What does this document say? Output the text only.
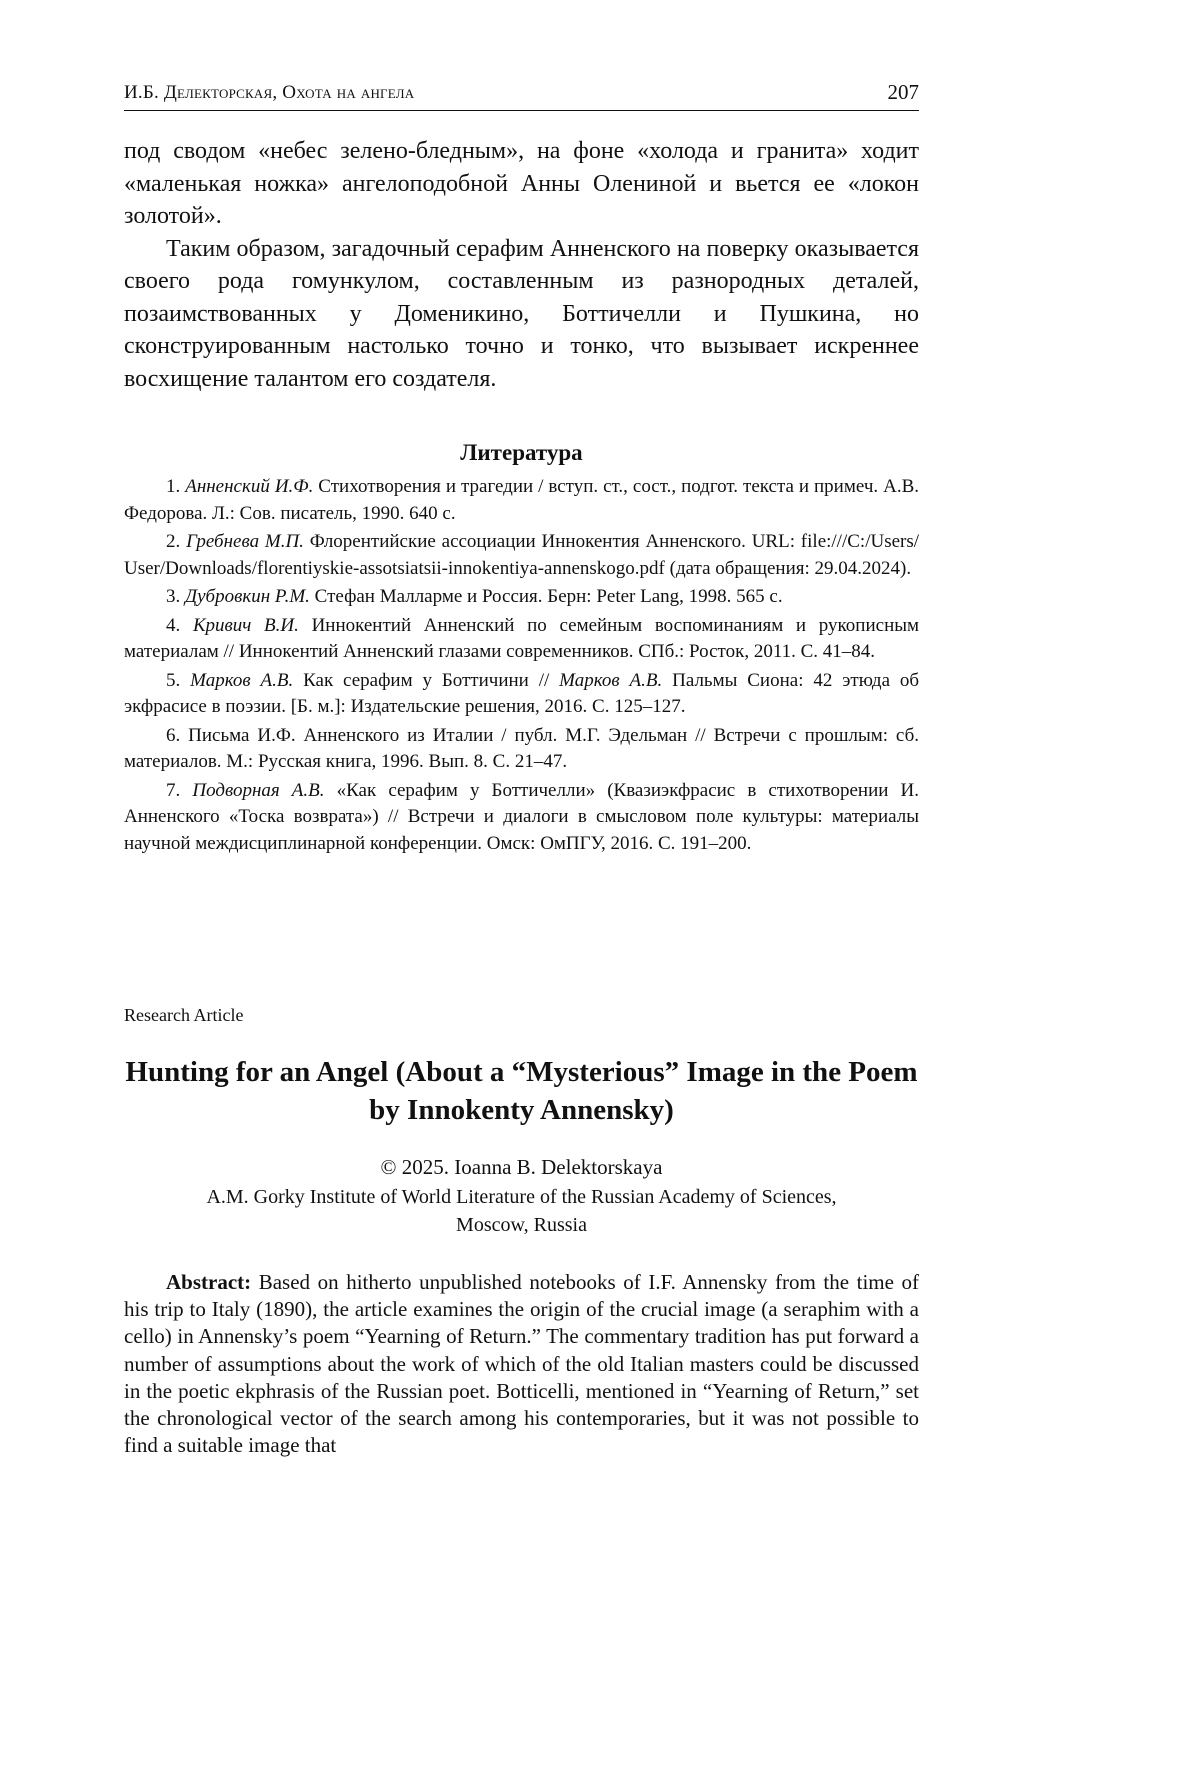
И.Б. Делекторская, Охота на ангела	207

под сводом «небес зелено-бледным», на фоне «холода и гранита» ходит «маленькая ножка» ангелоподобной Анны Олениной и вьется ее «локон золотой».

Таким образом, загадочный серафим Анненского на поверку оказывается своего рода гомункулом, составленным из разнородных деталей, позаимствованных у Доменикино, Боттичелли и Пушкина, но сконструированным настолько точно и тонко, что вызывает искреннее восхищение талантом его создателя.

Литература
1. Анненский И.Ф. Стихотворения и трагедии / вступ. ст., сост., подгот. текста и примеч. А.В. Федорова. Л.: Сов. писатель, 1990. 640 с.
2. Гребнева М.П. Флорентийские ассоциации Иннокентия Анненского. URL: file:///C:/Users/User/Downloads/florentiyskie-assotsiatsii-innokentiya-annenskogo.pdf (дата обращения: 29.04.2024).
3. Дубровкин Р.М. Стефан Малларме и Россия. Берн: Peter Lang, 1998. 565 с.
4. Кривич В.И. Иннокентий Анненский по семейным воспоминаниям и рукописным материалам // Иннокентий Анненский глазами современников. СПб.: Росток, 2011. С. 41–84.
5. Марков А.В. Как серафим у Боттичини // Марков А.В. Пальмы Сиона: 42 этюда об экфрасисе в поэзии. [Б. м.]: Издательские решения, 2016. С. 125–127.
6. Письма И.Ф. Анненского из Италии / публ. М.Г. Эдельман // Встречи с прошлым: сб. материалов. М.: Русская книга, 1996. Вып. 8. С. 21–47.
7. Подворная А.В. «Как серафим у Боттичелли» (Квазиэкфрасис в стихотворении И. Анненского «Тоска возврата») // Встречи и диалоги в смысловом поле культуры: материалы научной междисциплинарной конференции. Омск: ОмПГУ, 2016. С. 191–200.
Research Article
Hunting for an Angel (About a “Mysterious” Image in the Poem by Innokenty Annensky)
© 2025. Ioanna B. Delektorskaya
A.M. Gorky Institute of World Literature of the Russian Academy of Sciences,
Moscow, Russia
Abstract: Based on hitherto unpublished notebooks of I.F. Annensky from the time of his trip to Italy (1890), the article examines the origin of the crucial image (a seraphim with a cello) in Annensky’s poem “Yearning of Return.” The commentary tradition has put forward a number of assumptions about the work of which of the old Italian masters could be discussed in the poetic ekphrasis of the Russian poet. Botticelli, mentioned in “Yearning of Return,” set the chronological vector of the search among his contemporaries, but it was not possible to find a suitable image that
